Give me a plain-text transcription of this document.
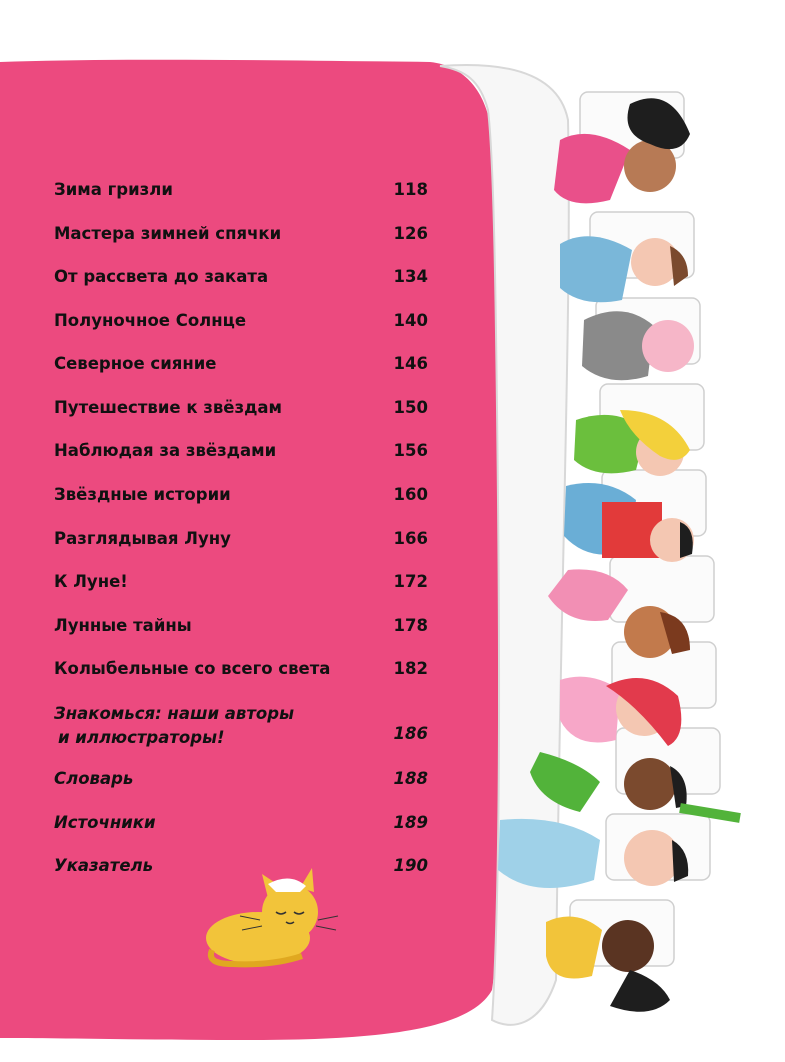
Зима гризли	118
Мастера зимней спячки	126
От рассвета до заката	134
Полуночное Солнце	140
Северное сияние	146
Путешествие к звёздам	150
Наблюдая за звёздами	156
Звёздные истории	160
Разглядывая Луну	166
К Луне!	172
Лунные тайны	178
Колыбельные со всего света	182
Знакомься: наши авторы
и иллюстраторы!	186
Словарь	188
Источники	189
Указатель	190
